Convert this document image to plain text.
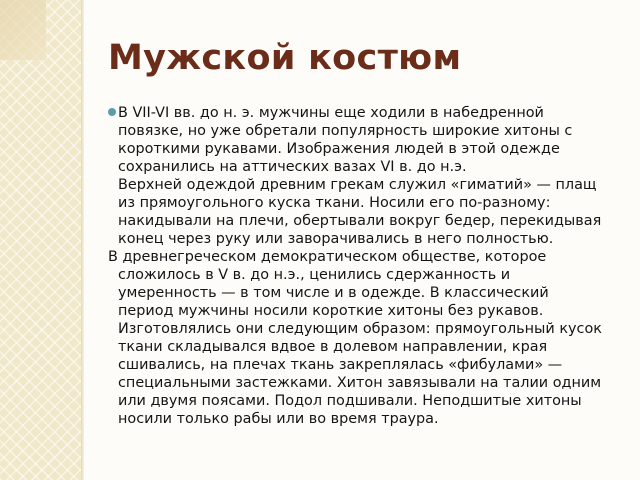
Мужской костюм

В VII-VI вв. до н. э. мужчины еще ходили в набедренной
повязке, но уже обретали популярность широкие хитоны с
короткими рукавами. Изображения людей в этой одежде
сохранились на аттических вазах VI в. до н.э.
Верхней одеждой древним грекам служил «гиматий» — плащ
из прямоугольного куска ткани. Носили его по-разному:
накидывали на плечи, обертывали вокруг бедер, перекидывая
конец через руку или заворачивались в него полностью.

В древнегреческом демократическом обществе, которое
сложилось в V в. до н.э., ценились сдержанность и
умеренность — в том числе и в одежде. В классический
период мужчины носили короткие хитоны без рукавов.
Изготовлялись они следующим образом: прямоугольный кусок
ткани складывался вдвое в долевом направлении, края
сшивались, на плечах ткань закреплялась «фибулами» —
специальными застежками. Хитон завязывали на талии одним
или двумя поясами. Подол подшивали. Неподшитые хитоны
носили только рабы или во время траура.
